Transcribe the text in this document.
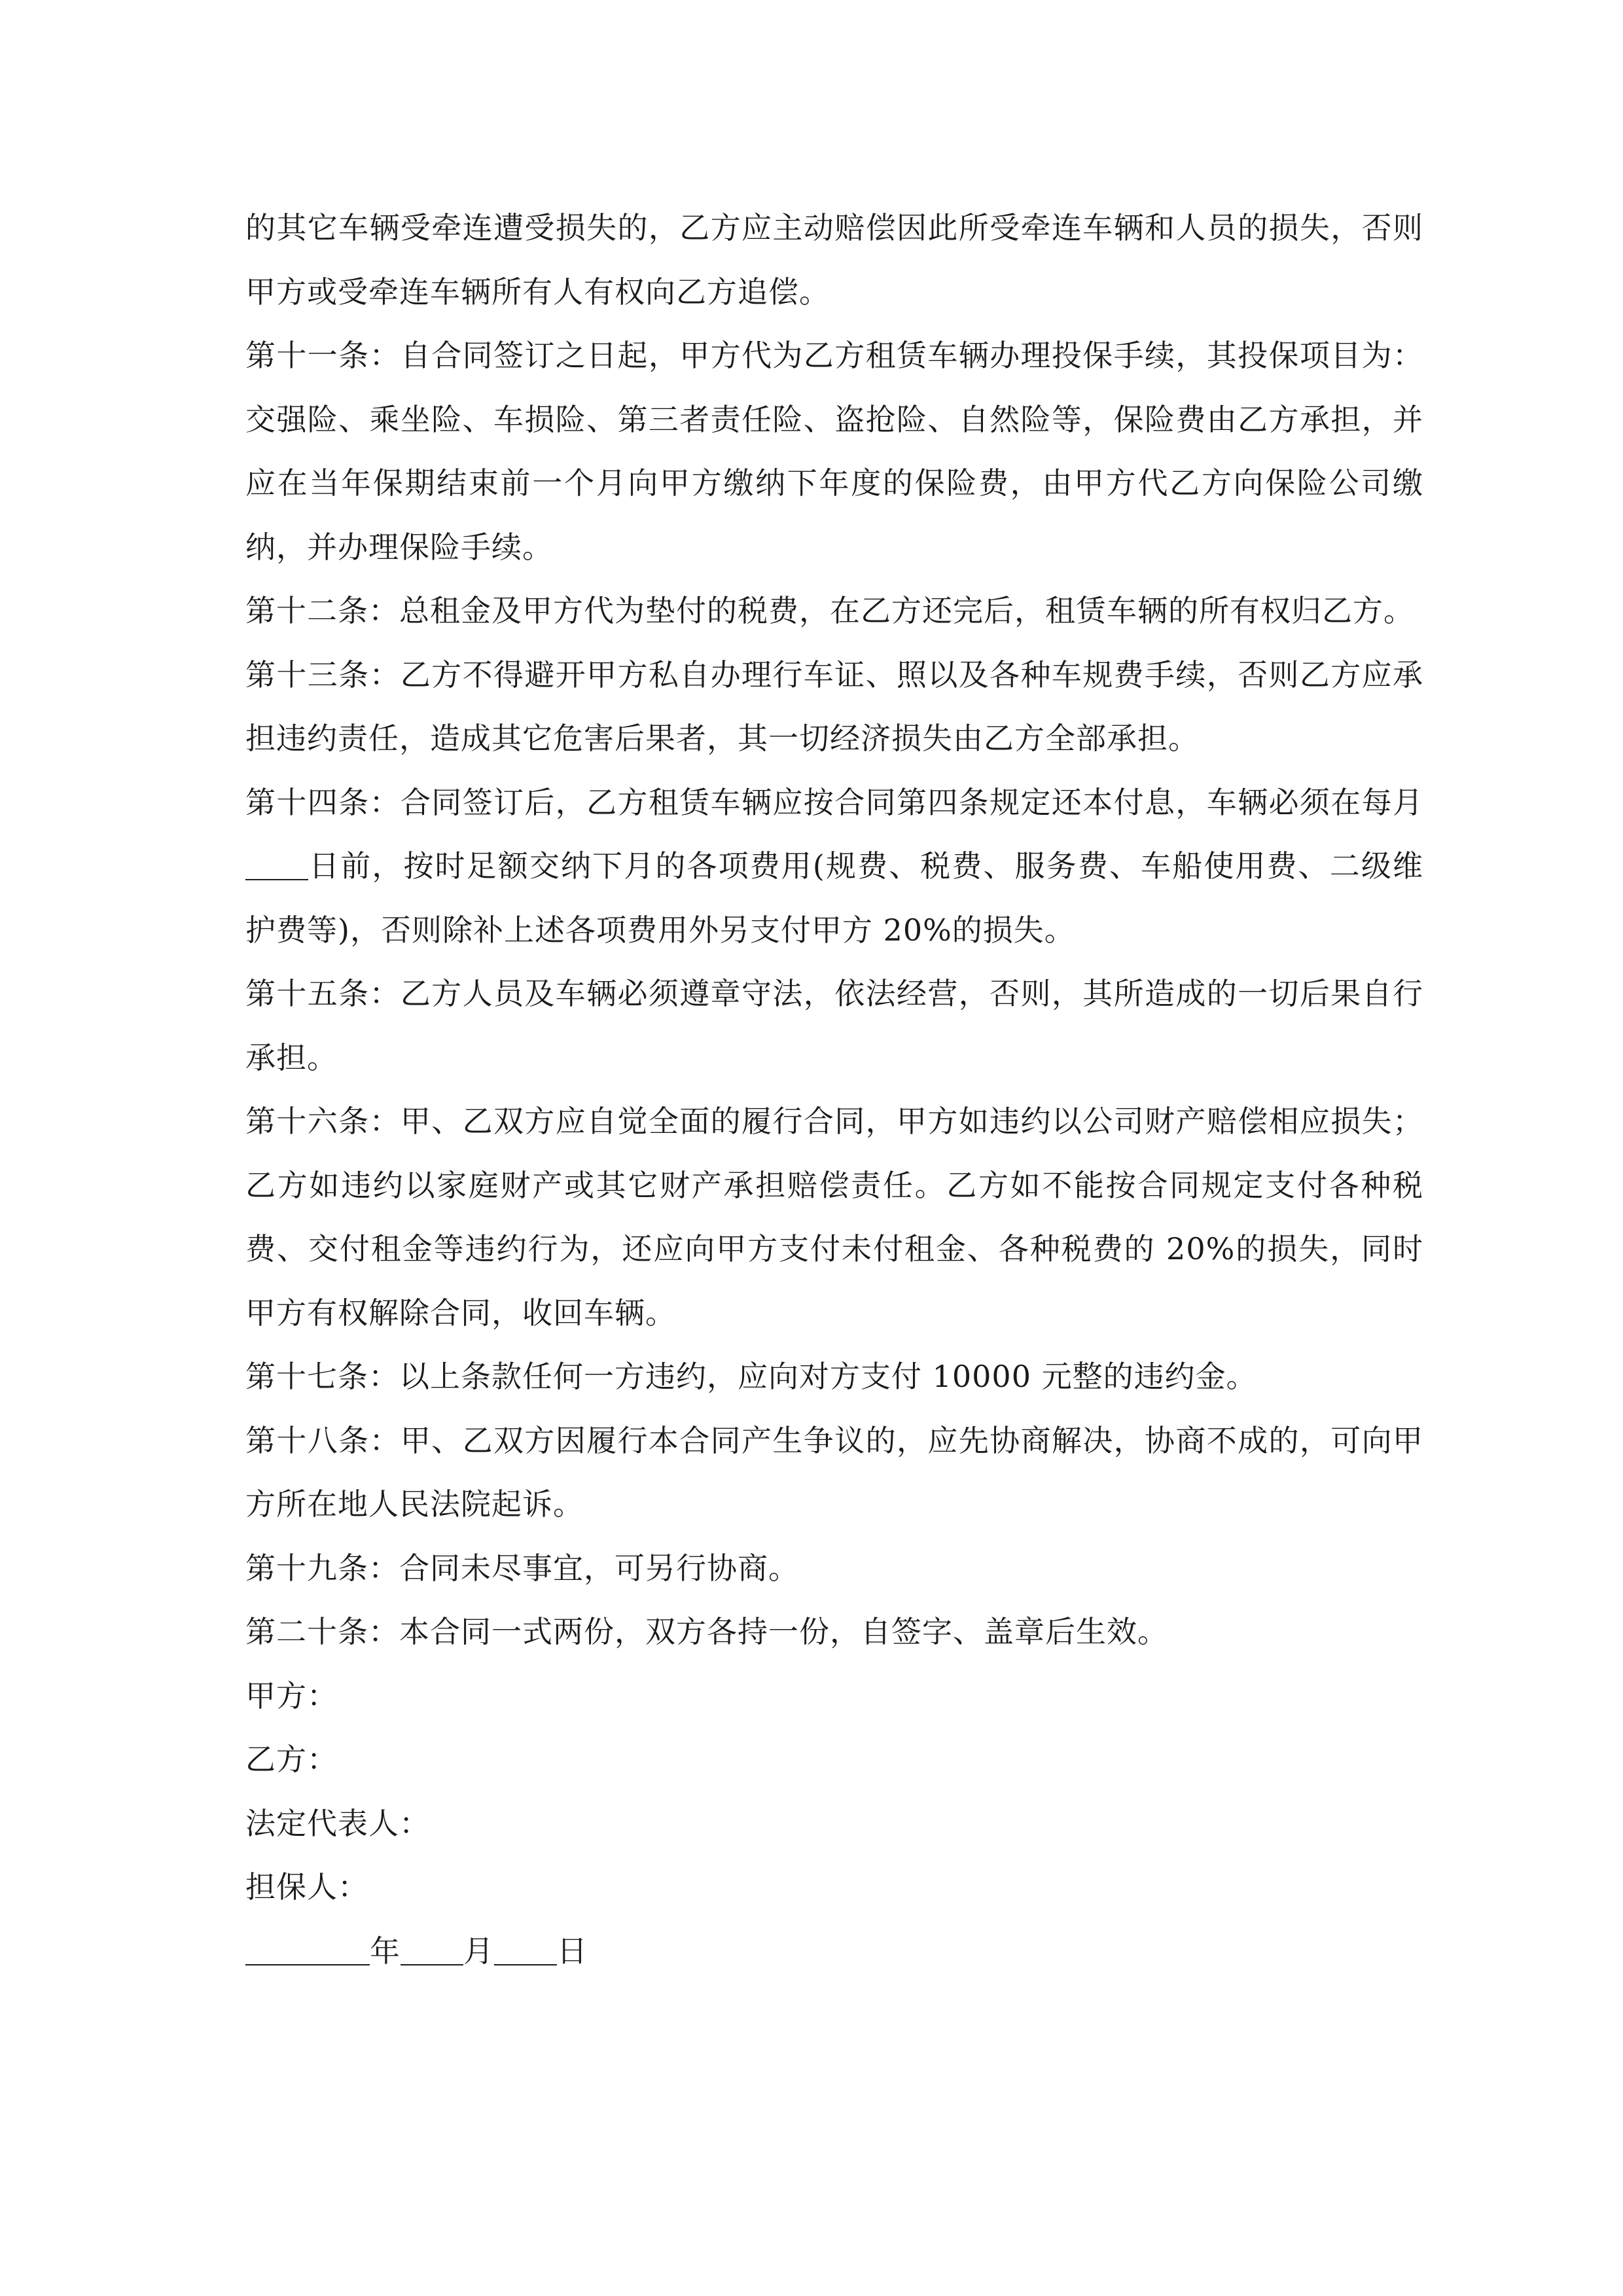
的其它车辆受牵连遭受损失的，乙方应主动赔偿因此所受牵连车辆和人员的损失，否则甲方或受牵连车辆所有人有权向乙方追偿。

第十一条：自合同签订之日起，甲方代为乙方租赁车辆办理投保手续，其投保项目为：交强险、乘坐险、车损险、第三者责任险、盗抢险、自然险等，保险费由乙方承担，并应在当年保期结束前一个月向甲方缴纳下年度的保险费，由甲方代乙方向保险公司缴纳，并办理保险手续。

第十二条：总租金及甲方代为垫付的税费，在乙方还完后，租赁车辆的所有权归乙方。

第十三条：乙方不得避开甲方私自办理行车证、照以及各种车规费手续，否则乙方应承担违约责任，造成其它危害后果者，其一切经济损失由乙方全部承担。

第十四条：合同签订后，乙方租赁车辆应按合同第四条规定还本付息，车辆必须在每月日前，按时足额交纳下月的各项费用(规费、税费、服务费、车船使用费、二级维护费等)，否则除补上述各项费用外另支付甲方 20%的损失。

第十五条：乙方人员及车辆必须遵章守法，依法经营，否则，其所造成的一切后果自行承担。

第十六条：甲、乙双方应自觉全面的履行合同，甲方如违约以公司财产赔偿相应损失；乙方如违约以家庭财产或其它财产承担赔偿责任。乙方如不能按合同规定支付各种税费、交付租金等违约行为，还应向甲方支付未付租金、各种税费的 20%的损失，同时甲方有权解除合同，收回车辆。

第十七条：以上条款任何一方违约，应向对方支付 10000 元整的违约金。

第十八条：甲、乙双方因履行本合同产生争议的，应先协商解决，协商不成的，可向甲方所在地人民法院起诉。

第十九条：合同未尽事宜，可另行协商。

第二十条：本合同一式两份，双方各持一份，自签字、盖章后生效。

甲方：

乙方：

法定代表人：

担保人：

年 月 日
